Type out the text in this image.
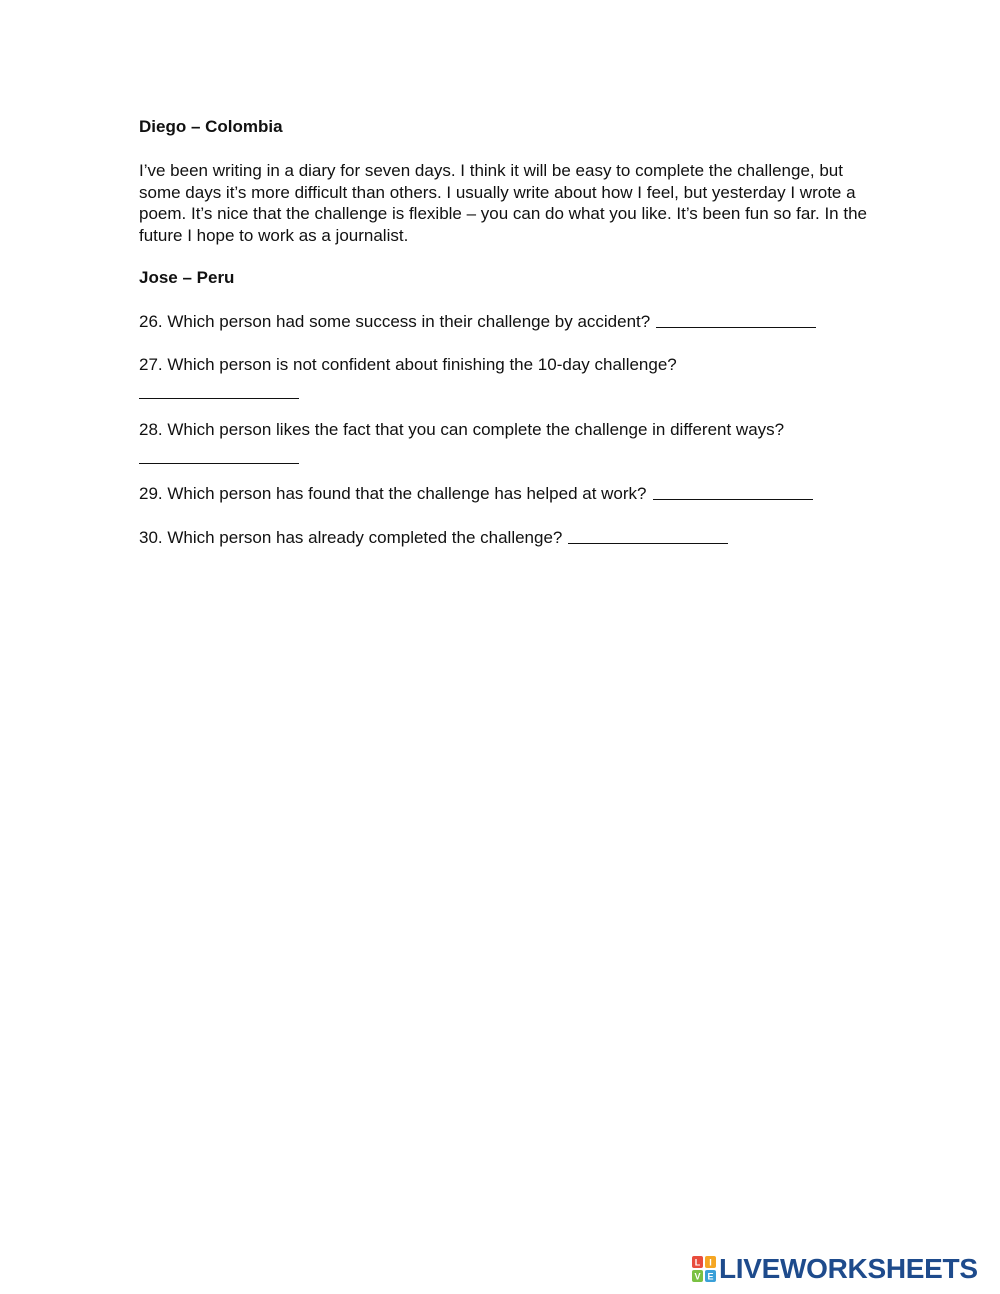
Diego – Colombia
I’ve been writing in a diary for seven days. I think it will be easy to complete the challenge, but some days it’s more difficult than others. I usually write about how I feel, but yesterday I wrote a poem. It’s nice that the challenge is flexible – you can do what you like. It’s been fun so far. In the future I hope to work as a journalist.
Jose – Peru
26. Which person had some success in their challenge by accident?
27. Which person is not confident about finishing the 10-day challenge?
28. Which person likes the fact that you can complete the challenge in different ways?
29. Which person has found that the challenge has helped at work?
30. Which person has already completed the challenge?
L I
V E LIVEWORKSHEETS
